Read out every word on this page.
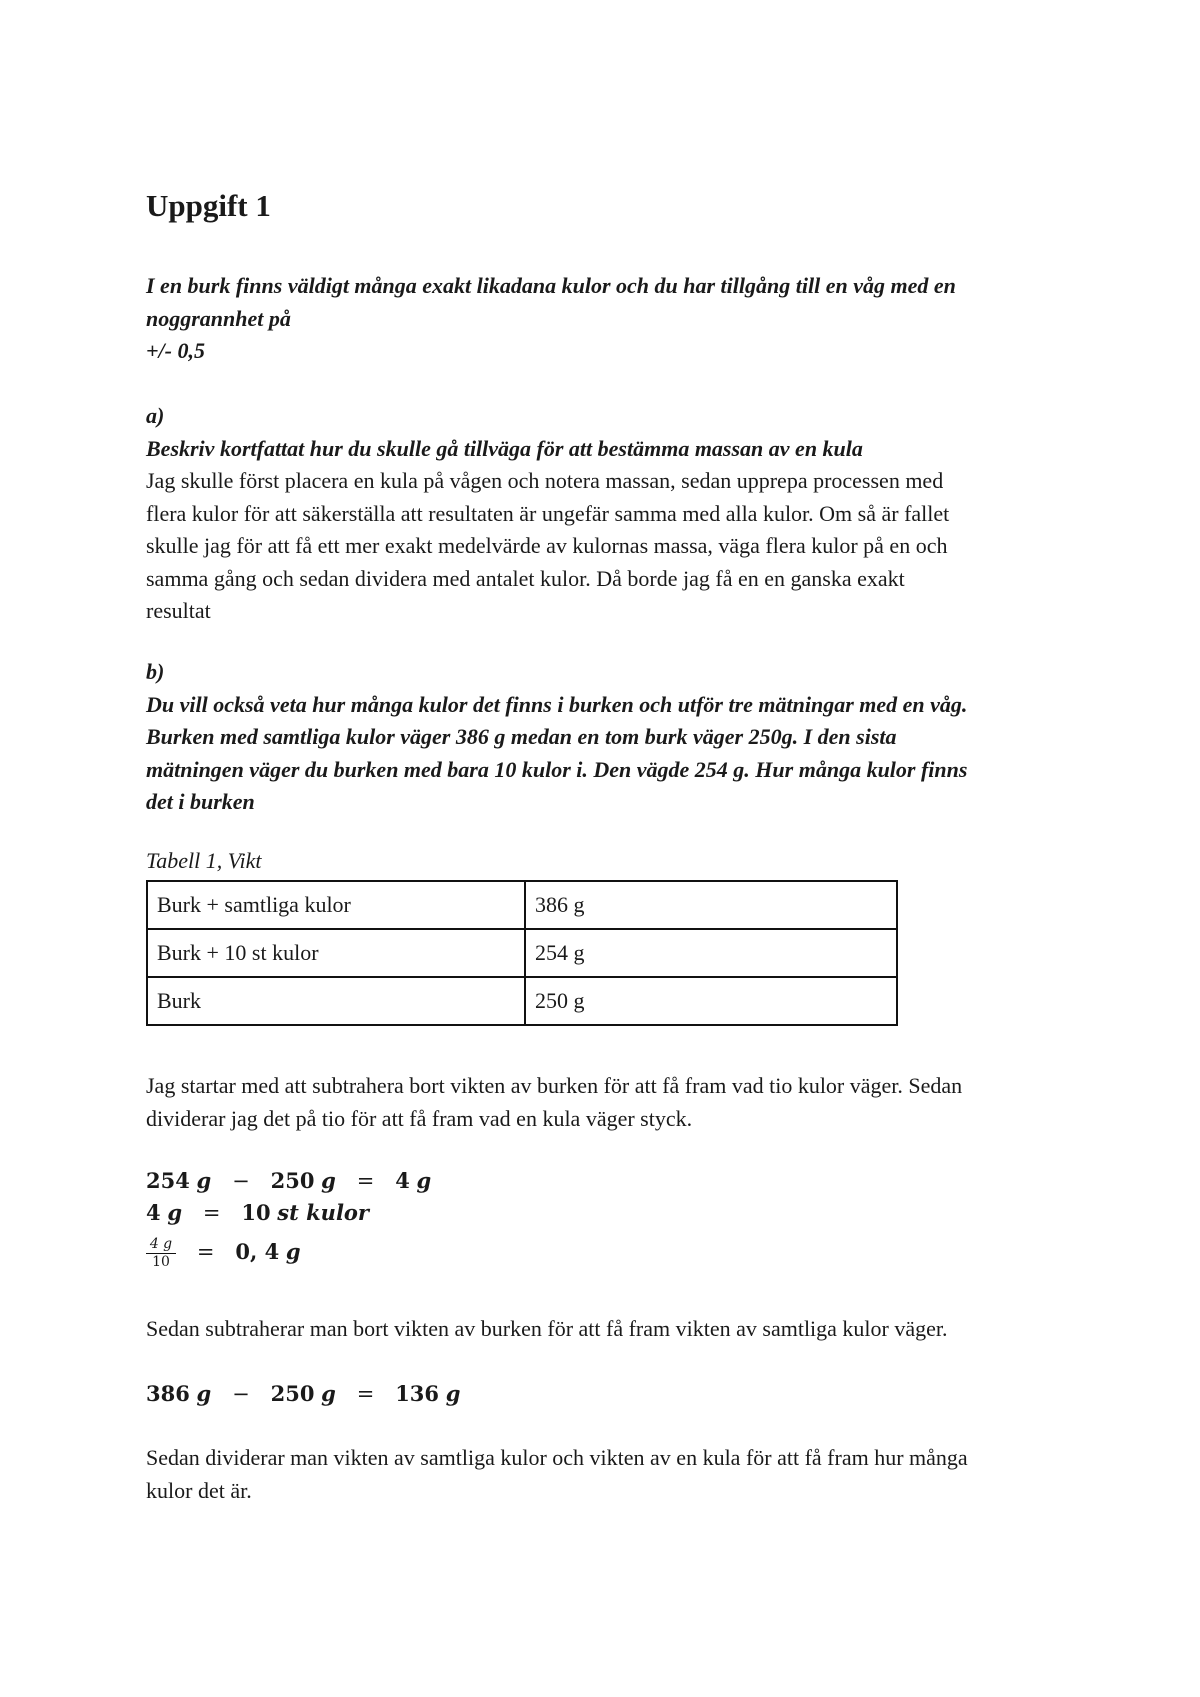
Uppgift 1
I en burk finns väldigt många exakt likadana kulor och du har tillgång till en våg med en
noggrannhet på
+/- 0,5
a)
Beskriv kortfattat hur du skulle gå tillväga för att bestämma massan av en kula
Jag skulle först placera en kula på vågen och notera massan, sedan upprepa processen med
flera kulor för att säkerställa att resultaten är ungefär samma med alla kulor. Om så är fallet
skulle jag för att få ett mer exakt medelvärde av kulornas massa, väga flera kulor på en och
samma gång och sedan dividera med antalet kulor. Då borde jag få en en ganska exakt
resultat
b)
Du vill också veta hur många kulor det finns i burken och utför tre mätningar med en våg.
Burken med samtliga kulor väger 386 g medan en tom burk väger 250g. I den sista
mätningen väger du burken med bara 10 kulor i. Den vägde 254 g. Hur många kulor finns
det i burken
Tabell 1, Vikt
Burk + samtliga kulor	386 g
Burk + 10 st kulor	254 g
Burk	250 g
Jag startar med att subtrahera bort vikten av burken för att få fram vad tio kulor väger. Sedan
dividerar jag det på tio för att få fram vad en kula väger styck.
254 g − 250 g = 4 g
4 g = 10 st kulor
$\frac{4 g}{10} = 0$, 4 g
Sedan subtraherar man bort vikten av burken för att få fram vikten av samtliga kulor väger.
386 g − 250 g = 136 g
Sedan dividerar man vikten av samtliga kulor och vikten av en kula för att få fram hur många
kulor det är.
